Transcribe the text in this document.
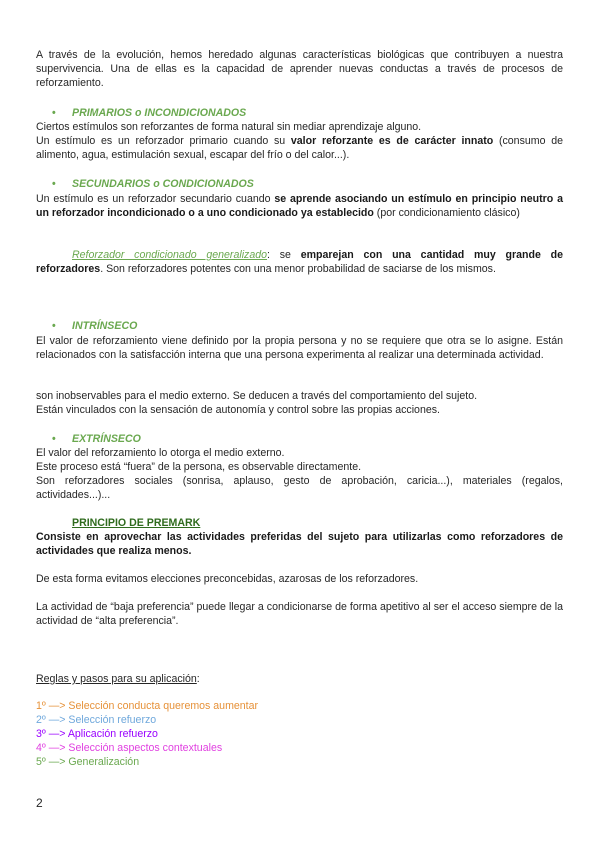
A través de la evolución, hemos heredado algunas características biológicas que contribuyen a nuestra supervivencia. Una de ellas es la capacidad de aprender nuevas conductas a través de procesos de reforzamiento.

• PRIMARIOS o INCONDICIONADOS

Ciertos estímulos son reforzantes de forma natural sin mediar aprendizaje alguno.

Un estímulo es un reforzador primario cuando su valor reforzante es de carácter innato (consumo de alimento, agua, estimulación sexual, escapar del frío o del calor...).

• SECUNDARIOS o CONDICIONADOS

Un estímulo es un reforzador secundario cuando se aprende asociando un estímulo en principio neutro a un reforzador incondicionado o a uno condicionado ya establecido (por condicionamiento clásico)

Reforzador condicionado generalizado: se emparejan con una cantidad muy grande de reforzadores. Son reforzadores potentes con una menor probabilidad de saciarse de los mismos.

• INTRÍNSECO

El valor de reforzamiento viene definido por la propia persona y no se requiere que otra se lo asigne. Están relacionados con la satisfacción interna que una persona experimenta al realizar una determinada actividad.

son inobservables para el medio externo. Se deducen a través del comportamiento del sujeto.

Están vinculados con la sensación de autonomía y control sobre las propias acciones.

• EXTRÍNSECO

El valor del reforzamiento lo otorga el medio externo.

Este proceso está “fuera” de la persona, es observable directamente.

Son reforzadores sociales (sonrisa, aplauso, gesto de aprobación, caricia...), materiales (regalos, actividades...)...

PRINCIPIO DE PREMARK

Consiste en aprovechar las actividades preferidas del sujeto para utilizarlas como reforzadores de actividades que realiza menos.

De esta forma evitamos elecciones preconcebidas, azarosas de los reforzadores.

La actividad de “baja preferencia” puede llegar a condicionarse de forma apetitivo al ser el acceso siempre de la actividad de “alta preferencia”.

Reglas y pasos para su aplicación:

1º —> Selección conducta queremos aumentar

2º —> Selección refuerzo

3º —> Aplicación refuerzo

4º —> Selección aspectos contextuales

5º —> Generalización

2
